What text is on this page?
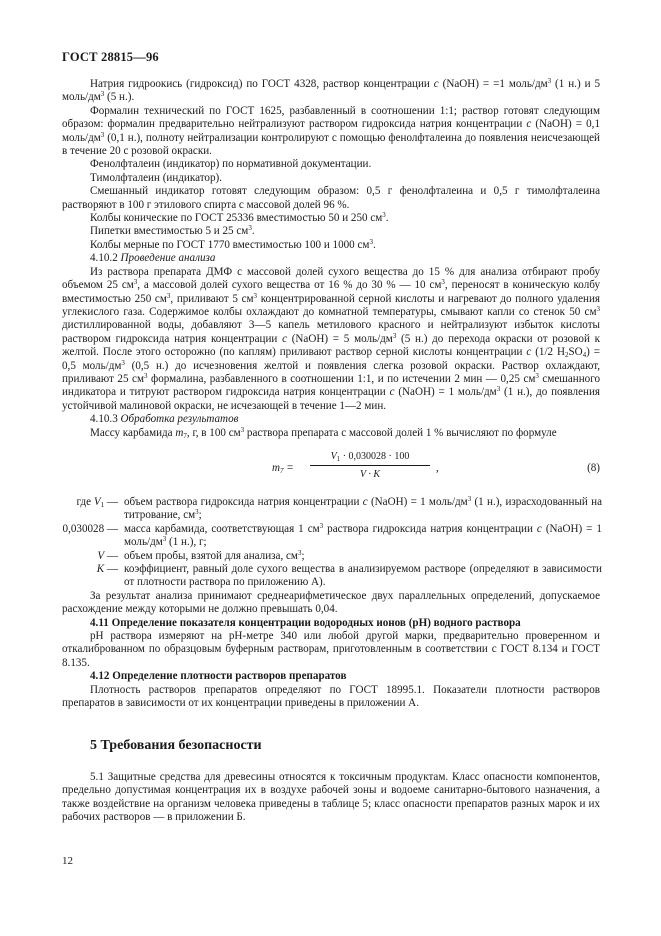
ГОСТ 28815—96

Натрия гидроокись (гидроксид) по ГОСТ 4328, раствор концентрации c (NaOH) = =1 моль/$дм^3$ (1 н.) и 5 моль/$дм^3$ (5 н.).

Формалин технический по ГОСТ 1625, разбавленный в соотношении 1:1; раствор готовят следующим образом: формалин предварительно нейтрализуют раствором гидроксида натрия концентрации c (NaOH) = 0,1 моль/$дм^3$ (0,1 н.), полноту нейтрализации контролируют с помощью фенолфталеина до появления неисчезающей в течение 20 с розовой окраски.

Фенолфталеин (индикатор) по нормативной документации.

Тимолфталеин (индикатор).

Смешанный индикатор готовят следующим образом: 0,5 г фенолфталеина и 0,5 г тимолфталеина растворяют в 100 г этилового спирта с массовой долей 96 %.

Колбы конические по ГОСТ 25336 вместимостью 50 и 250 $см^3$.

Пипетки вместимостью 5 и 25 $см^3$.

Колбы мерные по ГОСТ 1770 вместимостью 100 и 1000 $см^3$.

4.10.2 Проведение анализа

Из раствора препарата ДМФ с массовой долей сухого вещества до 15 % для анализа отбирают пробу объемом 25 $см^3$, а массовой долей сухого вещества от 16 % до 30 % — 10 $см^3$, переносят в коническую колбу вместимостью 250 $см^3$, приливают 5 $см^3$ концентрированной серной кислоты и нагревают до полного удаления углекислого газа. Содержимое колбы охлаждают до комнатной температуры, смывают капли со стенок 50 $см^3$ дистиллированной воды, добавляют 3—5 капель метилового красного и нейтрализуют избыток кислоты раствором гидроксида натрия концентрации c (NaOH) = 5 моль/$дм^3$ (5 н.) до перехода окраски от розовой к желтой. После этого осторожно (по каплям) приливают раствор серной кислоты концентрации c (1/2 $H_2SO_4) = 0,5$ моль/$дм^3$ (0,5 н.) до исчезновения желтой и появления слегка розовой окраски. Раствор охлаждают, приливают 25 $см^3$ формалина, разбавленного в соотношении 1:1, и по истечении 2 мин — 0,25 $см^3$ смешанного индикатора и титруют раствором гидроксида натрия концентрации c (NaOH) = 1 моль/$дм^3$ (1 н.), до появления устойчивой малиновой окраски, не исчезающей в течение 1—2 мин.

4.10.3 Обработка результатов

Массу карбамида $m_7$, г, в 100 $см^3$ раствора препарата с массовой долей 1 % вычисляют по формуле

$m_7 = \frac{V_1 \cdot 0,030028 \cdot 100}{V \cdot K}$ ,	(8)
где $V_1$ — объем раствора гидроксида натрия концентрации c (NaOH) = 1 моль/$дм^3$ (1 н.), израсходованный на титрование, $см^3$;
0,030028 — масса карбамида, соответствующая 1 $см^3$ раствора гидроксида натрия концентрации c (NaOH) = 1 моль/$дм^3$ (1 н.), г;
V — объем пробы, взятой для анализа, $см^3$;
K — коэффициент, равный доле сухого вещества в анализируемом растворе (определяют в зависимости от плотности раствора по приложению А).

За результат анализа принимают среднеарифметическое двух параллельных определений, допускаемое расхождение между которыми не должно превышать 0,04.

4.11 Определение показателя концентрации водородных ионов (pH) водного раствора

pH раствора измеряют на pH-метре 340 или любой другой марки, предварительно проверенном и откалиброванном по образцовым буферным растворам, приготовленным в соответствии с ГОСТ 8.134 и ГОСТ 8.135.

4.12 Определение плотности растворов препаратов

Плотность растворов препаратов определяют по ГОСТ 18995.1. Показатели плотности растворов препаратов в зависимости от их концентрации приведены в приложении А.

5 Требования безопасности

5.1 Защитные средства для древесины относятся к токсичным продуктам. Класс опасности компонентов, предельно допустимая концентрация их в воздухе рабочей зоны и водоеме санитарно-бытового назначения, а также воздействие на организм человека приведены в таблице 5; класс опасности препаратов разных марок и их рабочих растворов — в приложении Б.

12
